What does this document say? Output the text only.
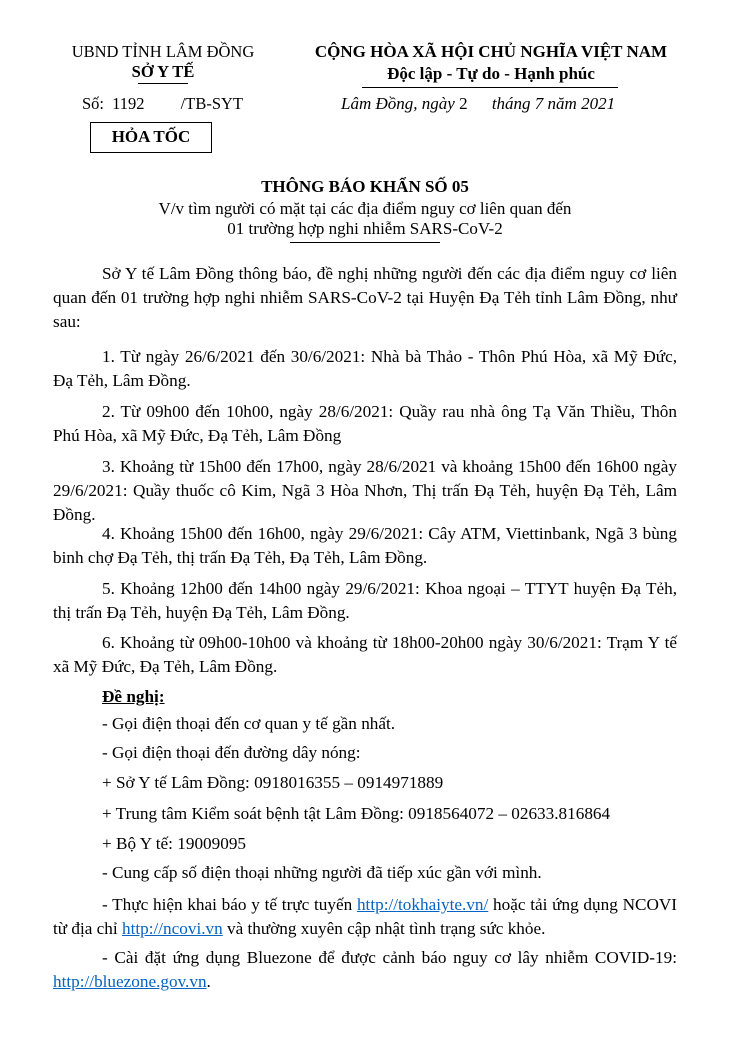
UBND TỈNH LÂM ĐỒNG
SỞ Y TẾ
Số: 1192 /TB-SYT
HỎA TỐC
CỘNG HÒA XÃ HỘI CHỦ NGHĨA VIỆT NAM
Độc lập - Tự do - Hạnh phúc
Lâm Đồng, ngày 2 tháng 7 năm 2021
THÔNG BÁO KHẨN SỐ 05
V/v tìm người có mặt tại các địa điểm nguy cơ liên quan đến
01 trường hợp nghi nhiễm SARS-CoV-2
Sở Y tế Lâm Đồng thông báo, đề nghị những người đến các địa điểm nguy cơ liên quan đến 01 trường hợp nghi nhiễm SARS-CoV-2 tại Huyện Đạ Tẻh tỉnh Lâm Đồng, như sau:
1. Từ ngày 26/6/2021 đến 30/6/2021: Nhà bà Thảo - Thôn Phú Hòa, xã Mỹ Đức, Đạ Tẻh, Lâm Đồng.
2. Từ 09h00 đến 10h00, ngày 28/6/2021: Quầy rau nhà ông Tạ Văn Thiều, Thôn Phú Hòa, xã Mỹ Đức, Đạ Tẻh, Lâm Đồng
3. Khoảng từ 15h00 đến 17h00, ngày 28/6/2021 và khoảng 15h00 đến 16h00 ngày 29/6/2021: Quầy thuốc cô Kim, Ngã 3 Hòa Nhơn, Thị trấn Đạ Tẻh, huyện Đạ Tẻh, Lâm Đồng.
4. Khoảng 15h00 đến 16h00, ngày 29/6/2021: Cây ATM, Viettinbank, Ngã 3 bùng binh chợ Đạ Tẻh, thị trấn Đạ Tẻh, Đạ Tẻh, Lâm Đồng.
5. Khoảng 12h00 đến 14h00 ngày 29/6/2021: Khoa ngoại – TTYT huyện Đạ Tẻh, thị trấn Đạ Tẻh, huyện Đạ Tẻh, Lâm Đồng.
6. Khoảng từ 09h00-10h00 và khoảng từ 18h00-20h00 ngày 30/6/2021: Trạm Y tế xã Mỹ Đức, Đạ Tẻh, Lâm Đồng.
Đề nghị:
- Gọi điện thoại đến cơ quan y tế gần nhất.
- Gọi điện thoại đến đường dây nóng:
+ Sở Y tế Lâm Đồng: 0918016355 – 0914971889
+ Trung tâm Kiểm soát bệnh tật Lâm Đồng: 0918564072 – 02633.816864
+ Bộ Y tế: 19009095
- Cung cấp số điện thoại những người đã tiếp xúc gần với mình.
- Thực hiện khai báo y tế trực tuyến http://tokhaiyte.vn/ hoặc tải ứng dụng NCOVI từ địa chỉ http://ncovi.vn và thường xuyên cập nhật tình trạng sức khỏe.
- Cài đặt ứng dụng Bluezone để được cảnh báo nguy cơ lây nhiễm COVID-19: http://bluezone.gov.vn.
